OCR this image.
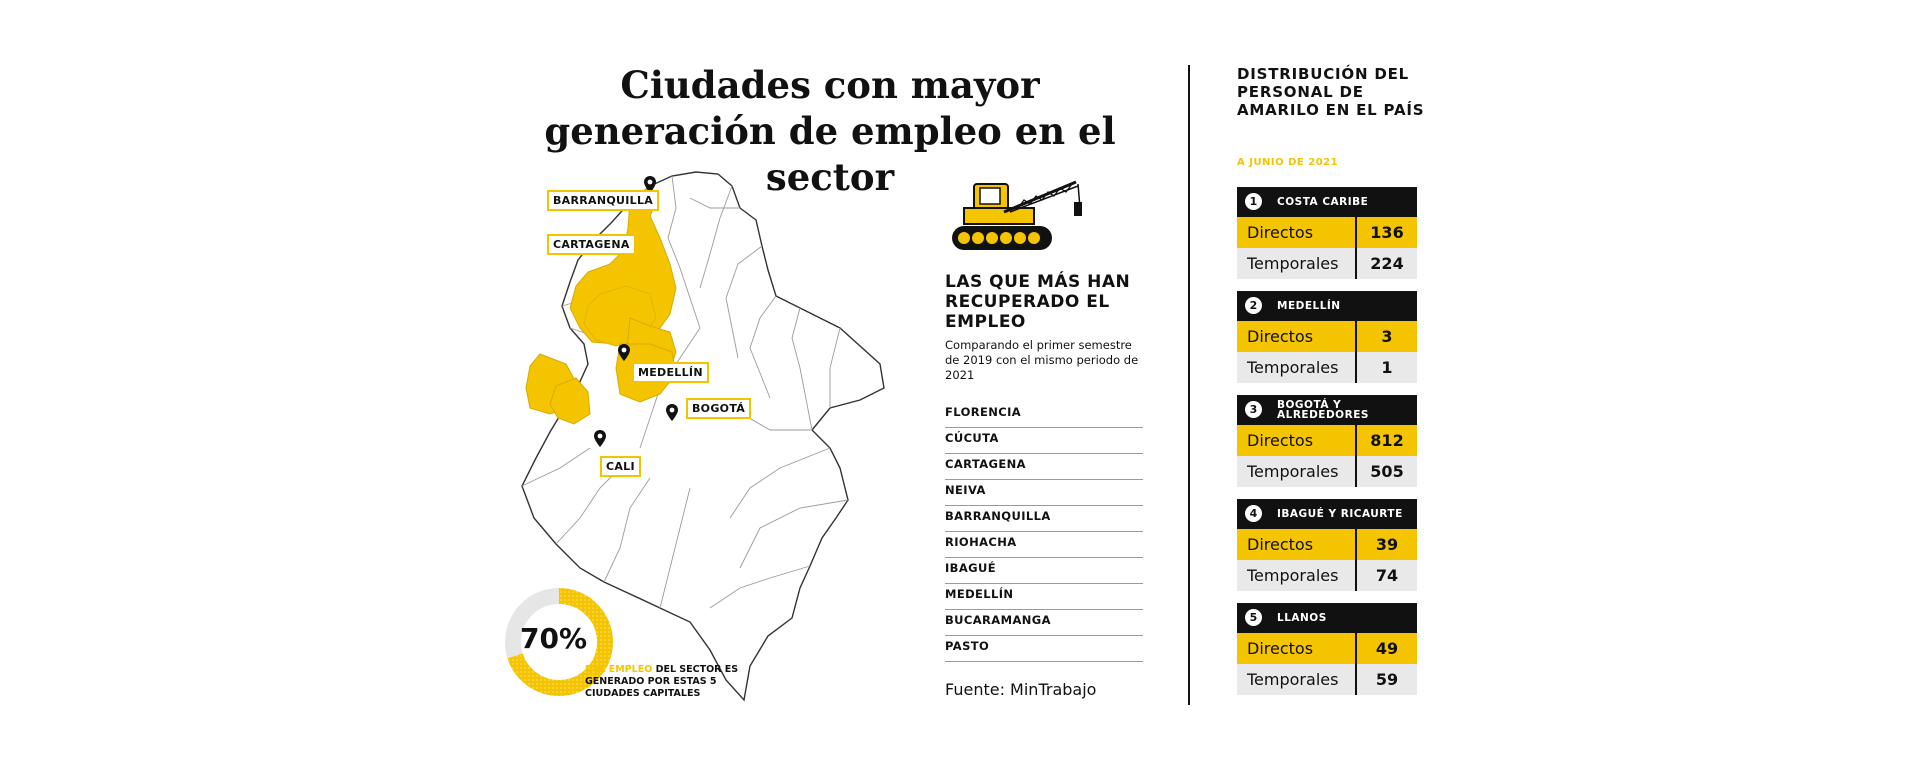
Ciudades con mayor
generación de empleo en el sector
BARRANQUILLA
CARTAGENA
MEDELLÍN
BOGOTÁ
CALI
70%
DEL EMPLEO DEL SECTOR ES GENERADO POR ESTAS 5 CIUDADES CAPITALES
LAS QUE MÁS HAN RECUPERADO EL EMPLEO
Comparando el primer semestre de 2019 con el mismo periodo de 2021
FLORENCIA
CÚCUTA
CARTAGENA
NEIVA
BARRANQUILLA
RIOHACHA
IBAGUÉ
MEDELLÍN
BUCARAMANGA
PASTO
Fuente: MinTrabajo
DISTRIBUCIÓN DEL PERSONAL DE AMARILO EN EL PAÍS
A JUNIO DE 2021
1	COSTA CARIBE
Directos	136
Temporales	224
2	MEDELLÍN
Directos	3
Temporales	1
3	BOGOTÁ Y ALREDEDORES
Directos	812
Temporales	505
4	IBAGUÉ Y RICAURTE
Directos	39
Temporales	74
5	LLANOS
Directos	49
Temporales	59
